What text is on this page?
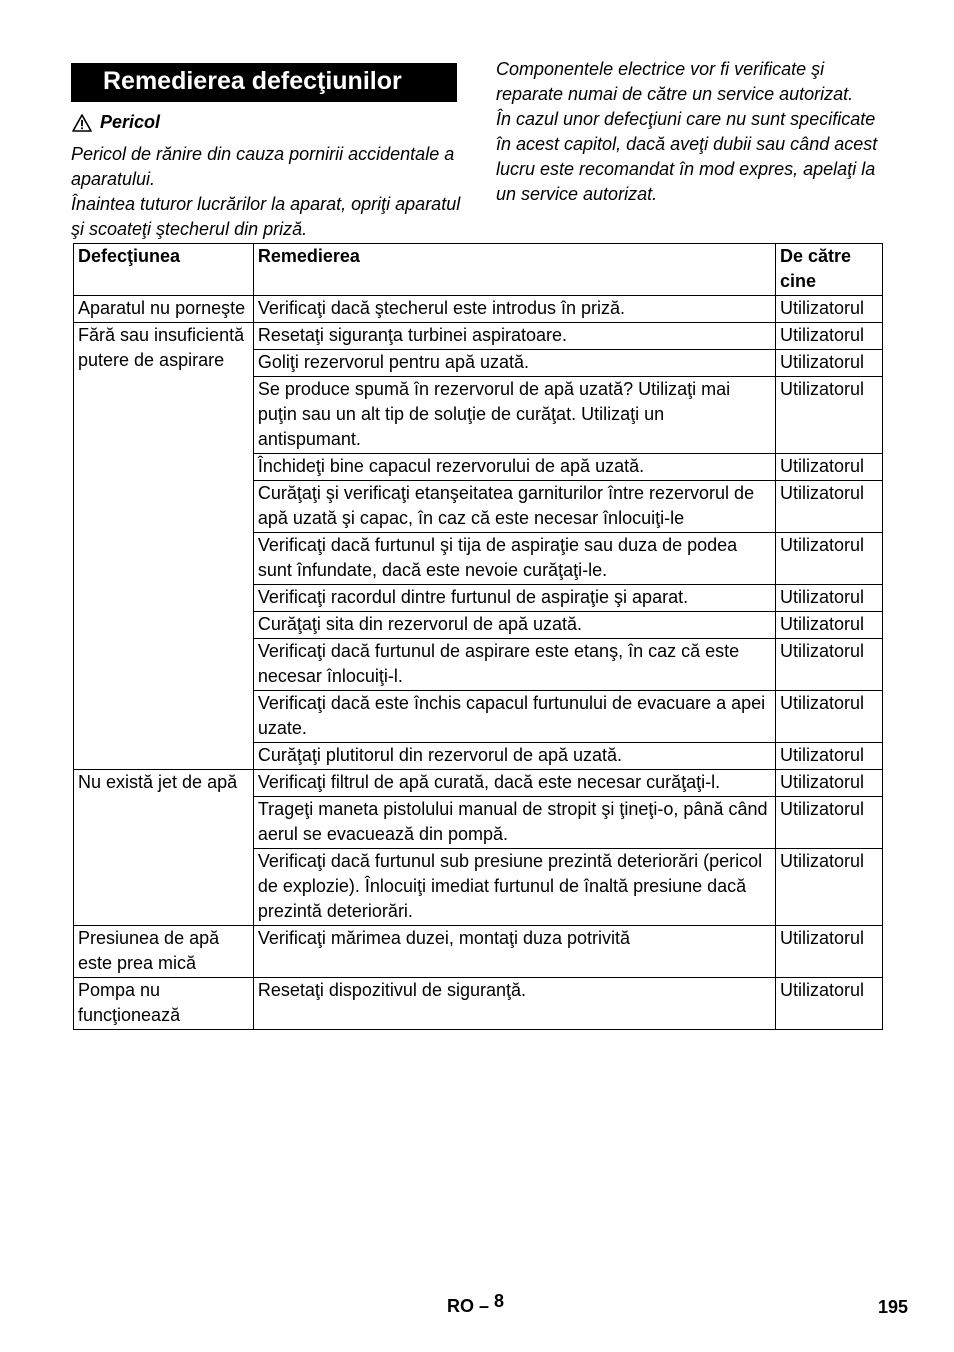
Remedierea defecţiunilor
Pericol

Pericol de rănire din cauza pornirii accidentale a aparatului.

Înaintea tuturor lucrărilor la aparat, opriţi aparatul şi scoateţi ştecherul din priză.

Componentele electrice vor fi verificate şi reparate numai de către un service autorizat.

În cazul unor defecţiuni care nu sunt specificate în acest capitol, dacă aveţi dubii sau când acest lucru este recomandat în mod expres, apelaţi la un service autorizat.

Defecţiunea	Remedierea	De către cine
Aparatul nu porneşte	Verificaţi dacă ştecherul este introdus în priză.	Utilizatorul
Fără sau insuficientă putere de aspirare	Resetaţi siguranţa turbinei aspiratoare.	Utilizatorul
	Goliţi rezervorul pentru apă uzată.	Utilizatorul
	Se produce spumă în rezervorul de apă uzată? Utilizaţi mai puţin sau un alt tip de soluţie de curăţat. Utilizaţi un antispumant.	Utilizatorul
	Închideţi bine capacul rezervorului de apă uzată.	Utilizatorul
	Curăţaţi şi verificaţi etanşeitatea garniturilor între rezervorul de apă uzată şi capac, în caz că este necesar înlocuiţi-le	Utilizatorul
	Verificaţi dacă furtunul şi tija de aspiraţie sau duza de podea sunt înfundate, dacă este nevoie curăţaţi-le.	Utilizatorul
	Verificaţi racordul dintre furtunul de aspiraţie şi aparat.	Utilizatorul
	Curăţaţi sita din rezervorul de apă uzată.	Utilizatorul
	Verificaţi dacă furtunul de aspirare este etanş, în caz că este necesar înlocuiţi-l.	Utilizatorul
	Verificaţi dacă este închis capacul furtunului de evacuare a apei uzate.	Utilizatorul
	Curăţaţi plutitorul din rezervorul de apă uzată.	Utilizatorul
Nu există jet de apă	Verificaţi filtrul de apă curată, dacă este necesar curăţaţi-l.	Utilizatorul
	Trageţi maneta pistolului manual de stropit şi ţineţi-o, până când aerul se evacuează din pompă.	Utilizatorul
	Verificaţi dacă furtunul sub presiune prezintă deteriorări (pericol de explozie). Înlocuiţi imediat furtunul de înaltă presiune dacă prezintă deteriorări.	Utilizatorul
Presiunea de apă este prea mică	Verificaţi mărimea duzei, montaţi duza potrivită	Utilizatorul
Pompa nu funcţionează	Resetaţi dispozitivul de siguranţă.	Utilizatorul
RO – 8	195
